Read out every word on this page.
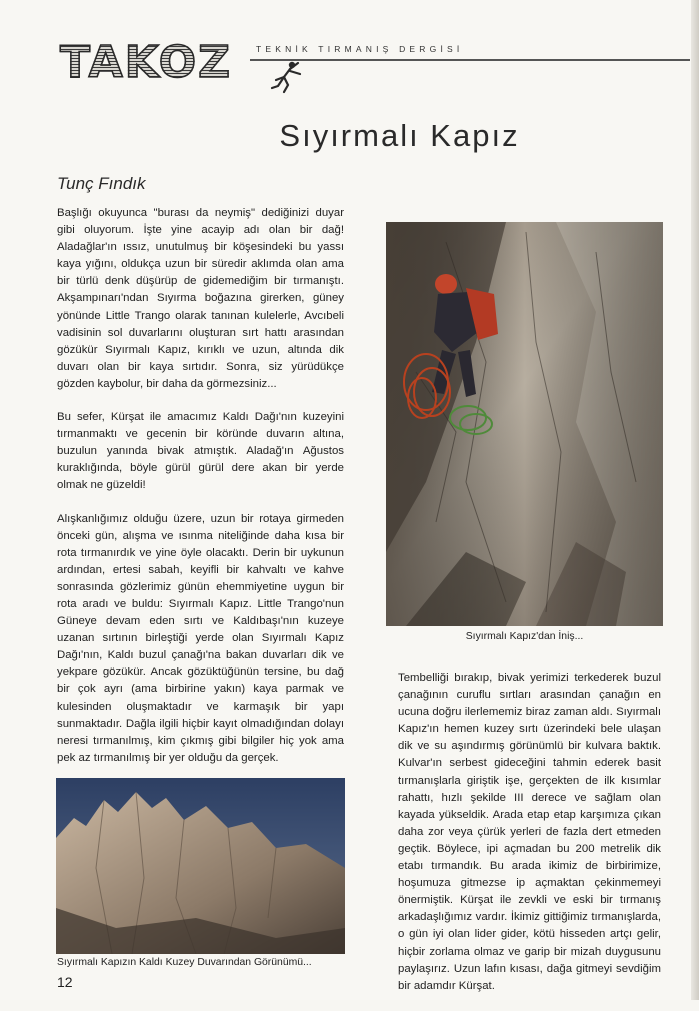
TAKOZ	TEKNİK TIRMANIŞ DERGİSİ
Sıyırmalı Kapız

Tunç Fındık

Başlığı okuyunca "burası da neymiş" dediğinizi duyar gibi oluyorum. İşte yine acayip adı olan bir dağ! Aladağlar'ın ıssız, unutulmuş bir köşesindeki bu yassı kaya yığını, oldukça uzun bir süredir aklımda olan ama bir türlü denk düşürüp de gidemediğim bir tırmanıştı. Akşampınarı'ndan Sıyırma boğazına girerken, güney yönünde Little Trango olarak tanınan kulelerle, Avcıbeli vadisinin sol duvarlarını oluşturan sırt hattı arasından gözükür Sıyırmalı Kapız, kırıklı ve uzun, altında dik duvarı olan bir kaya sırtıdır. Sonra, siz yürüdükçe gözden kaybolur, bir daha da görmezsiniz...

Bu sefer, Kürşat ile amacımız Kaldı Dağı'nın kuzeyini tırmanmaktı ve gecenin bir köründe duvarın altına, buzulun yanında bivak atmıştık. Aladağ'ın Ağustos kuraklığında, böyle gürül gürül dere akan bir yerde olmak ne güzeldi!

Alışkanlığımız olduğu üzere, uzun bir rotaya girmeden önceki gün, alışma ve ısınma niteliğinde daha kısa bir rota tırmanırdık ve yine öyle olacaktı. Derin bir uykunun ardından, ertesi sabah, keyifli bir kahvaltı ve kahve sonrasında gözlerimiz günün ehemmiyetine uygun bir rota aradı ve buldu: Sıyırmalı Kapız. Little Trango'nun Güneye devam eden sırtı ve Kaldıbaşı'nın kuzeye uzanan sırtının birleştiği yerde olan Sıyırmalı Kapız Dağı'nın, Kaldı buzul çanağı'na bakan duvarları dik ve yekpare gözükür. Ancak gözüktüğünün tersine, bu dağ bir çok ayrı (ama birbirine yakın) kaya parmak ve kulesinden oluşmaktadır ve karmaşık bir yapı sunmaktadır. Dağla ilgili hiçbir kayıt olmadığından dolayı neresi tırmanılmış, kim çıkmış gibi bilgiler hiç yok ama pek az tırmanılmış bir yer olduğu da gerçek.

Sıyırmalı Kapız'dan İniş...

Tembelliği bırakıp, bivak yerimizi terkederek buzul çanağının curuflu sırtları arasından çanağın en ucuna doğru ilerlememiz biraz zaman aldı. Sıyırmalı Kapız'ın hemen kuzey sırtı üzerindeki bele ulaşan dik ve su aşındırmış görünümlü bir kulvara baktık. Kulvar'ın serbest gideceğini tahmin ederek basit tırmanışlarla giriştik işe, gerçekten de ilk kısımlar rahattı, hızlı şekilde III derece ve sağlam olan kayada yükseldik. Arada etap etap karşımıza çıkan daha zor veya çürük yerleri de fazla dert etmeden geçtik. Böylece, ipi açmadan bu 200 metrelik dik etabı tırmandık. Bu arada ikimiz de birbirimize, hoşumuza gitmezse ip açmaktan çekinmemeyi önermiştik. Kürşat ile zevkli ve eski bir tırmanış arkadaşlığımız vardır. İkimiz gittiğimiz tırmanışlarda, o gün iyi olan lider gider, kötü hisseden artçı gelir, hiçbir zorlama olmaz ve garip bir mizah duygusunu paylaşırız. Uzun lafın kısası, dağa gitmeyi sevdiğim bir adamdır Kürşat.

Sıyırmalı Kapızın Kaldı Kuzey Duvarından Görünümü...
12
